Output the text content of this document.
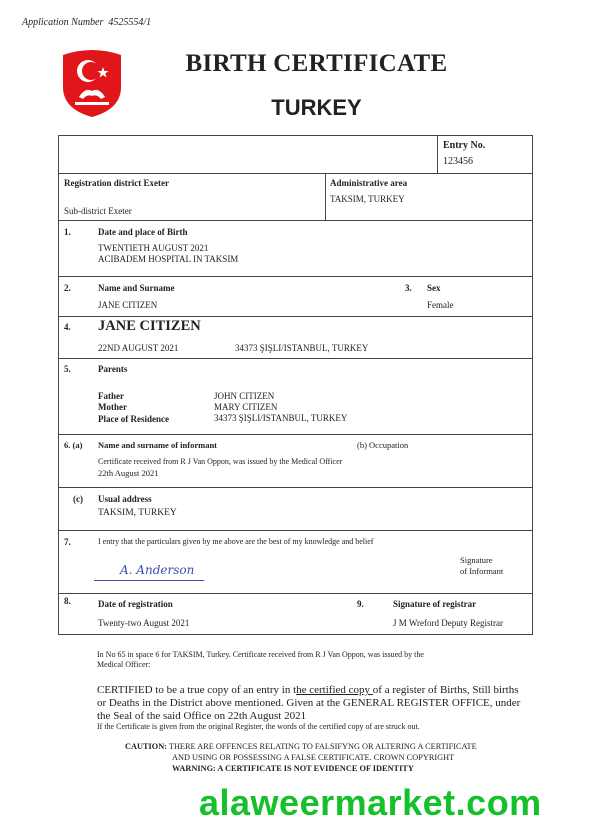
Application Number 4525554/1
BIRTH CERTIFICATE
TURKEY
Entry No.
123456
Registration district Exeter
Sub-district Exeter
Administrative area
TAKSIM, TURKEY
1.	Date and place of Birth
TWENTIETH AUGUST 2021
ACIBADEM HOSPITAL IN TAKSIM
2.	Name and Surname
JANE CITIZEN
3. Sex
Female
4. JANE CITIZEN
22ND AUGUST 2021	34373 ŞIŞLI/ISTANBUL, TURKEY
5.	Parents
Father	JOHN CITIZEN
Mother	MARY CITIZEN
Place of Residence	34373 ŞIŞLI/ISTANBUL, TURKEY
6. (a) Name and surname of informant	(b) Occupation
Certificate received from R J Van Oppon, was issued by the Medical Officer
22th August 2021
(c) Usual address
TAKSIM, TURKEY
7.	I entry that the particulars given by me above are the best of my knowledge and belief
A. Anderson
Signature
of Informant
8.	Date of registration
Twenty-two August 2021
9.	Signature of registrar
J M Wreford Deputy Registrar
In No 65 in space 6 for TAKSIM, Turkey. Certificate received from R J Van Oppon, was issued by the
Medical Officer:
CERTIFIED to be a true copy of an entry in the certified copy of a register of Births, Still births
or Deaths in the District above mentioned. Given at the GENERAL REGISTER OFFICE, under
the Seal of the said Office on 22th August 2021
If the Certificate is given from the original Register, the words of the certified copy of are struck out.
CAUTION: THERE ARE OFFENCES RELATING TO FALSIFYNG OR ALTERING A CERTIFICATE
AND USING OR POSSESSING A FALSE CERTIFICATE. CROWN COPYRIGHT
WARNING: A CERTIFICATE IS NOT EVIDENCE OF IDENTITY
alaweermarket.com
